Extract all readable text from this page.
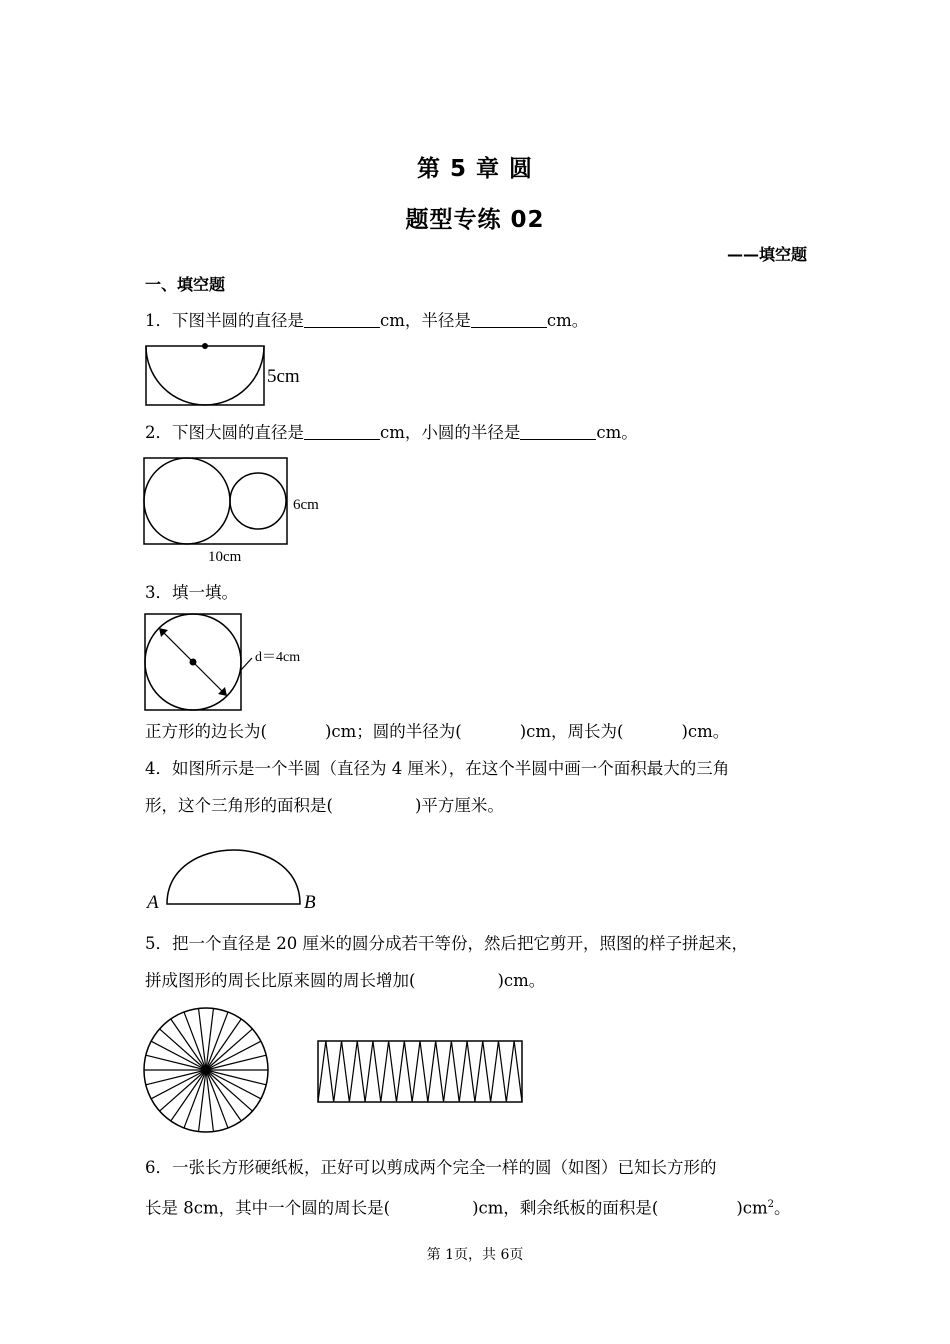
第 5 章 圆
题型专练 02
——填空题
一、填空题
1．下图半圆的直径是	cm，半径是	cm。
5cm
2．下图大圆的直径是	cm，小圆的半径是	cm。
6cm
10cm
3．填一填。
d＝4cm
正方形的边长为(	)cm；圆的半径为(	)cm，周长为(	)cm。
4．如图所示是一个半圆（直径为 4 厘米），在这个半圆中画一个面积最大的三角
形，这个三角形的面积是(	)平方厘米。
A	B
5．把一个直径是 20 厘米的圆分成若干等份，然后把它剪开，照图的样子拼起来，
拼成图形的周长比原来圆的周长增加(	)cm。
6．一张长方形硬纸板，正好可以剪成两个完全一样的圆（如图）已知长方形的
长是 8cm，其中一个圆的周长是(	)cm，剩余纸板的面积是(	)$cm^2$。
第 1页，共 6页
